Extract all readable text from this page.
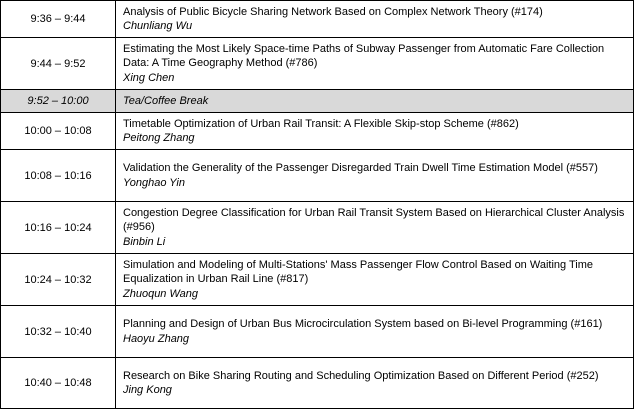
9:36 – 9:44	Analysis of Public Bicycle Sharing Network Based on Complex Network Theory (#174)
Chunliang Wu

9:44 – 9:52	Estimating the Most Likely Space-time Paths of Subway Passenger from Automatic Fare Collection Data: A Time Geography Method (#786)
Xing Chen

9:52 – 10:00	Tea/Coffee Break

10:00 – 10:08	Timetable Optimization of Urban Rail Transit: A Flexible Skip-stop Scheme (#862)
Peitong Zhang

10:08 – 10:16	Validation the Generality of the Passenger Disregarded Train Dwell Time Estimation Model (#557)
Yonghao Yin

10:16 – 10:24	Congestion Degree Classification for Urban Rail Transit System Based on Hierarchical Cluster Analysis (#956)
Binbin Li

10:24 – 10:32	Simulation and Modeling of Multi-Stations' Mass Passenger Flow Control Based on Waiting Time Equalization in Urban Rail Line (#817)
Zhuoqun Wang

10:32 – 10:40	Planning and Design of Urban Bus Microcirculation System based on Bi-level Programming (#161)
Haoyu Zhang

10:40 – 10:48	Research on Bike Sharing Routing and Scheduling Optimization Based on Different Period (#252)
Jing Kong
